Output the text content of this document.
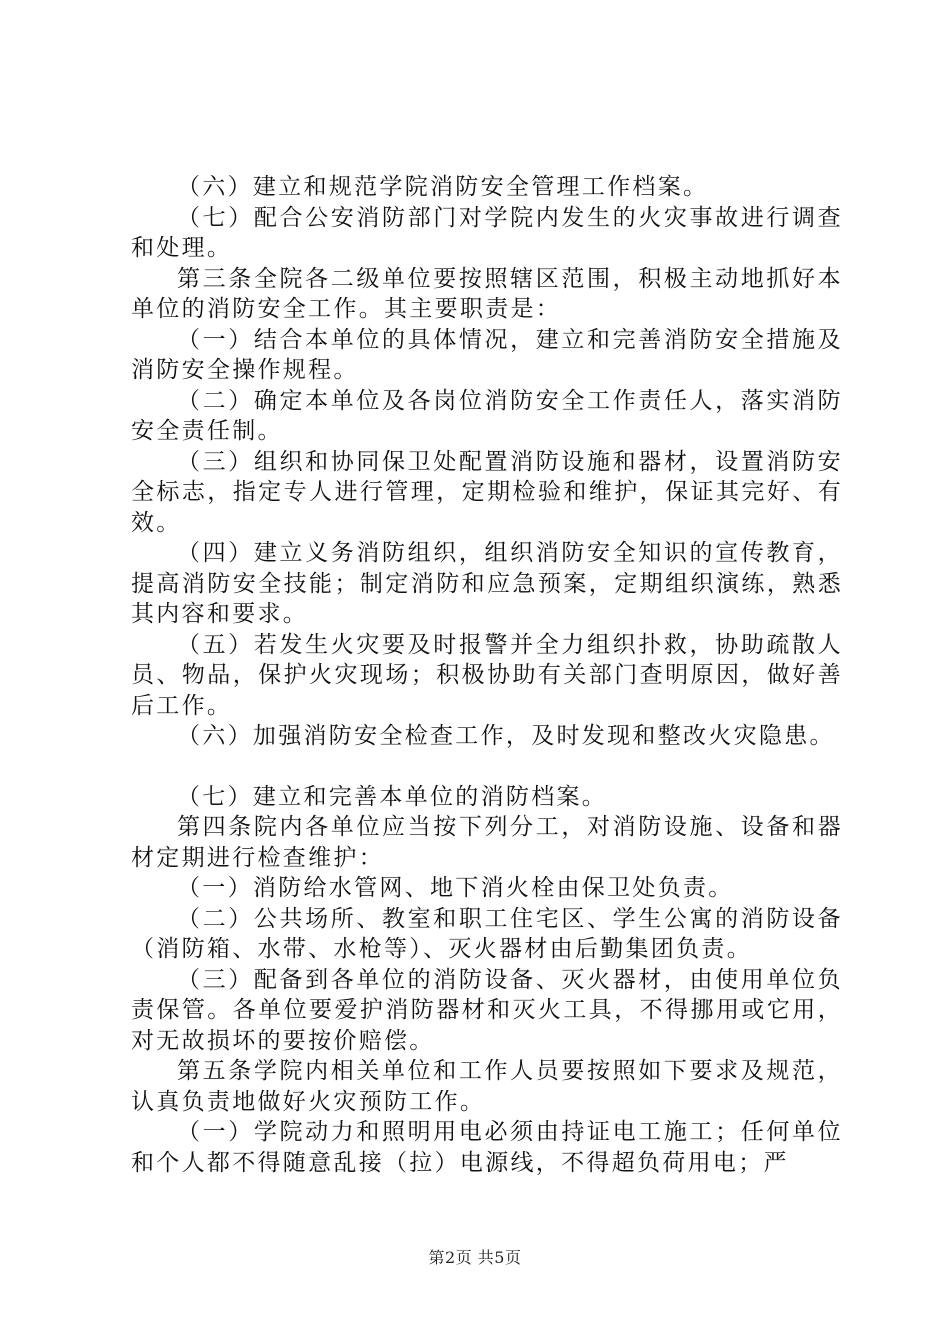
（六）建立和规范学院消防安全管理工作档案。

（七）配合公安消防部门对学院内发生的火灾事故进行调查和处理。

第三条全院各二级单位要按照辖区范围，积极主动地抓好本单位的消防安全工作。其主要职责是：

（一）结合本单位的具体情况，建立和完善消防安全措施及消防安全操作规程。

（二）确定本单位及各岗位消防安全工作责任人，落实消防安全责任制。

（三）组织和协同保卫处配置消防设施和器材，设置消防安全标志，指定专人进行管理，定期检验和维护，保证其完好、有效。

（四）建立义务消防组织，组织消防安全知识的宣传教育，提高消防安全技能；制定消防和应急预案，定期组织演练，熟悉其内容和要求。

（五）若发生火灾要及时报警并全力组织扑救，协助疏散人员、物品，保护火灾现场；积极协助有关部门查明原因，做好善后工作。

（六）加强消防安全检查工作，及时发现和整改火灾隐患。

（七）建立和完善本单位的消防档案。

第四条院内各单位应当按下列分工，对消防设施、设备和器材定期进行检查维护：

（一）消防给水管网、地下消火栓由保卫处负责。

（二）公共场所、教室和职工住宅区、学生公寓的消防设备（消防箱、水带、水枪等）、灭火器材由后勤集团负责。

（三）配备到各单位的消防设备、灭火器材，由使用单位负责保管。各单位要爱护消防器材和灭火工具，不得挪用或它用，对无故损坏的要按价赔偿。

第五条学院内相关单位和工作人员要按照如下要求及规范，认真负责地做好火灾预防工作。

（一）学院动力和照明用电必须由持证电工施工；任何单位和个人都不得随意乱接（拉）电源线，不得超负荷用电；严

第2页 共5页
